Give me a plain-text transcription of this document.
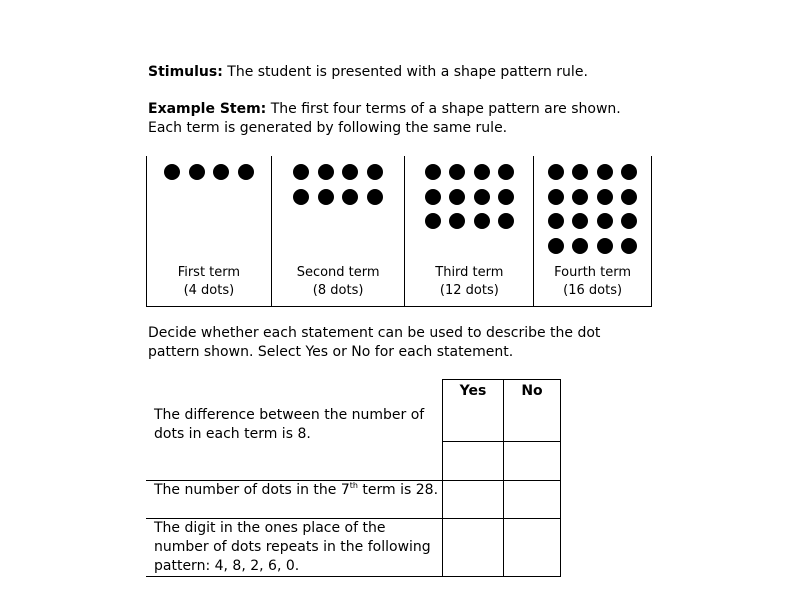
Stimulus: The student is presented with a shape pattern rule.

Example Stem: The first four terms of a shape pattern are shown. Each term is generated by following the same rule.

First term
(4 dots)
Second term
(8 dots)
Third term
(12 dots)
Fourth term
(16 dots)

Decide whether each statement can be used to describe the dot pattern shown. Select Yes or No for each statement.

	Yes	No
The difference between the number of dots in each term is 8.		
The number of dots in the 7th term is 28.		
The digit in the ones place of the number of dots repeats in the following pattern: 4, 8, 2, 6, 0.		
